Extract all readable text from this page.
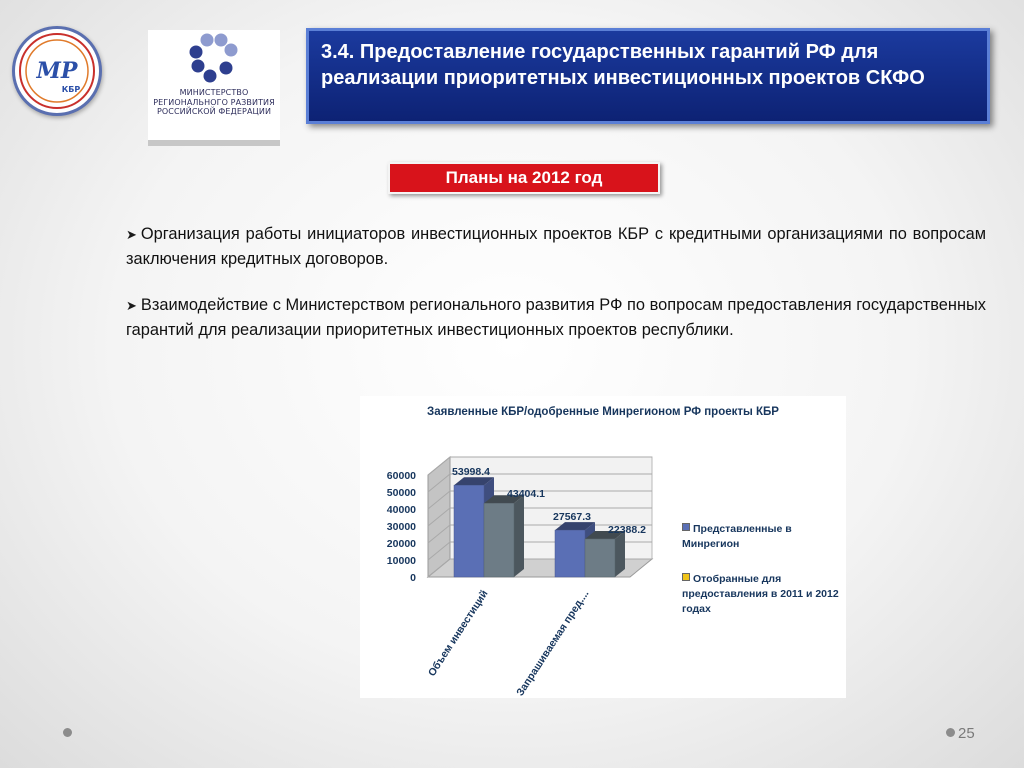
MP
КБР	МИНИСТЕРСТВО
РЕГИОНАЛЬНОГО РАЗВИТИЯ
РОССИЙСКОЙ ФЕДЕРАЦИИ
3.4. Предоставление государственных гарантий РФ для реализации приоритетных инвестиционных проектов СКФО
Планы на 2012 год
➤ Организация работы инициаторов инвестиционных проектов КБР с кредитными организациями по вопросам заключения кредитных договоров.
➤ Взаимодействие с Министерством регионального развития РФ по вопросам предоставления государственных гарантий для реализации приоритетных инвестиционных проектов республики.
Заявленные КБР/одобренные Минрегионом РФ проекты КБР
0
10000
20000
30000
40000
50000
60000	53998.4
43404.1
Объем инвестиций
27567.3
22388.2
Запрашиваемая пред....
Представленные в Минрегион
Отобранные для предоставления в 2011 и 2012 годах
25
